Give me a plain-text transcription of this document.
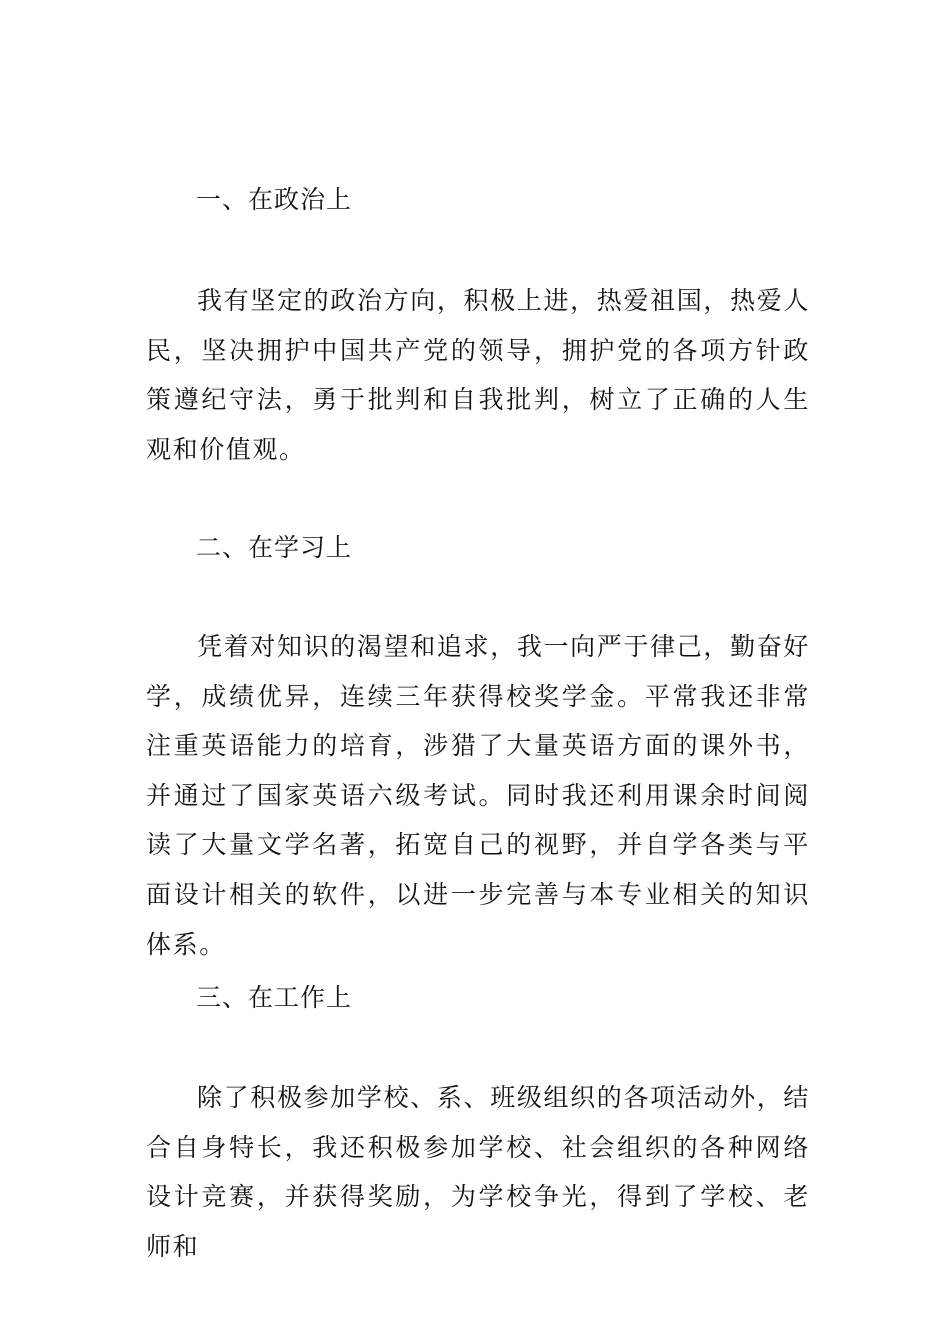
一、在政治上
我有坚定的政治方向，积极上进，热爱祖国，热爱人民，坚决拥护中国共产党的领导，拥护党的各项方针政策遵纪守法，勇于批判和自我批判，树立了正确的人生观和价值观。
二、在学习上
凭着对知识的渴望和追求，我一向严于律己，勤奋好学，成绩优异，连续三年获得校奖学金。平常我还非常注重英语能力的培育，涉猎了大量英语方面的课外书，并通过了国家英语六级考试。同时我还利用课余时间阅读了大量文学名著，拓宽自己的视野，并自学各类与平面设计相关的软件，以进一步完善与本专业相关的知识体系。
三、在工作上
除了积极参加学校、系、班级组织的各项活动外，结合自身特长，我还积极参加学校、社会组织的各种网络设计竞赛，并获得奖励，为学校争光，得到了学校、老师和
